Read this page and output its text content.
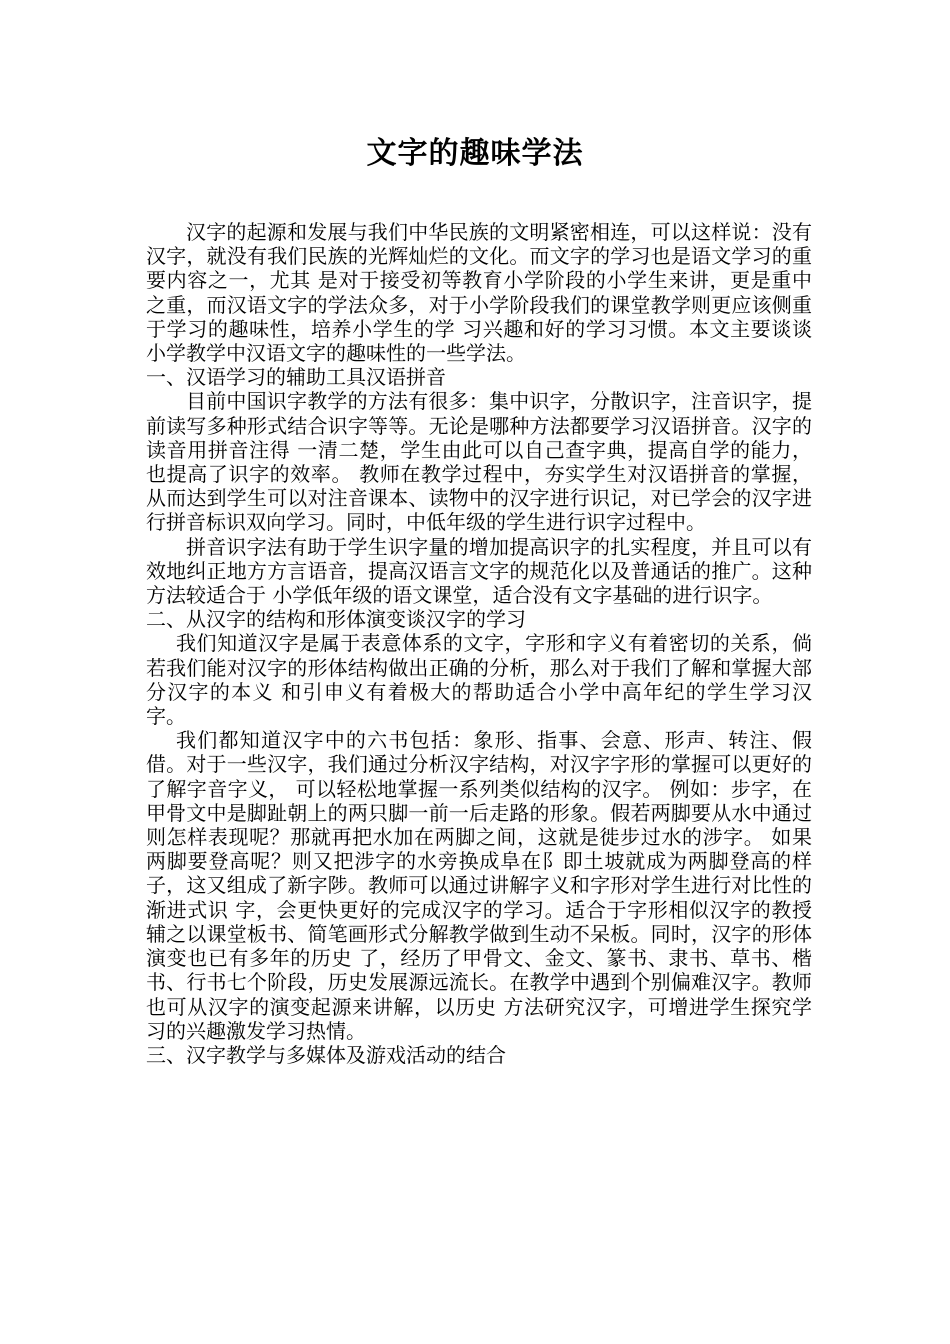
文字的趣味学法

汉字的起源和发展与我们中华民族的文明紧密相连，可以这样说：没有汉字，就没有我们民族的光辉灿烂的文化。而文字的学习也是语文学习的重要内容之一，尤其 是对于接受初等教育小学阶段的小学生来讲，更是重中之重，而汉语文字的学法众多，对于小学阶段我们的课堂教学则更应该侧重于学习的趣味性，培养小学生的学 习兴趣和好的学习习惯。本文主要谈谈小学教学中汉语文字的趣味性的一些学法。

一、汉语学习的辅助工具汉语拼音

目前中国识字教学的方法有很多：集中识字，分散识字，注音识字，提前读写多种形式结合识字等等。无论是哪种方法都要学习汉语拼音。汉字的读音用拼音注得 一清二楚，学生由此可以自己查字典，提高自学的能力，也提高了识字的效率。 教师在教学过程中，夯实学生对汉语拼音的掌握，从而达到学生可以对注音课本、读物中的汉字进行识记，对已学会的汉字进行拼音标识双向学习。同时，中低年级的学生进行识字过程中。

拼音识字法有助于学生识字量的增加提高识字的扎实程度，并且可以有效地纠正地方方言语音，提高汉语言文字的规范化以及普通话的推广。这种方法较适合于 小学低年级的语文课堂，适合没有文字基础的进行识字。

二、从汉字的结构和形体演变谈汉字的学习

我们知道汉字是属于表意体系的文字，字形和字义有着密切的关系，倘若我们能对汉字的形体结构做出正确的分析，那么对于我们了解和掌握大部分汉字的本义 和引申义有着极大的帮助适合小学中高年纪的学生学习汉字。

我们都知道汉字中的六书包括：象形、指事、会意、形声、转注、假借。对于一些汉字，我们通过分析汉字结构，对汉字字形的掌握可以更好的了解字音字义， 可以轻松地掌握一系列类似结构的汉字。 例如：步字，在甲骨文中是脚趾朝上的两只脚一前一后走路的形象。假若两脚要从水中通过则怎样表现呢？那就再把水加在两脚之间，这就是徙步过水的涉字。 如果两脚要登高呢？则又把涉字的水旁换成阜在阝即土坡就成为两脚登高的样子，这又组成了新字陟。教师可以通过讲解字义和字形对学生进行对比性的渐进式识 字，会更快更好的完成汉字的学习。适合于字形相似汉字的教授辅之以课堂板书、简笔画形式分解教学做到生动不呆板。同时，汉字的形体演变也已有多年的历史 了，经历了甲骨文、金文、篆书、隶书、草书、楷书、行书七个阶段，历史发展源远流长。在教学中遇到个别偏难汉字。教师也可从汉字的演变起源来讲解，以历史 方法研究汉字，可增进学生探究学习的兴趣激发学习热情。

三、汉字教学与多媒体及游戏活动的结合
